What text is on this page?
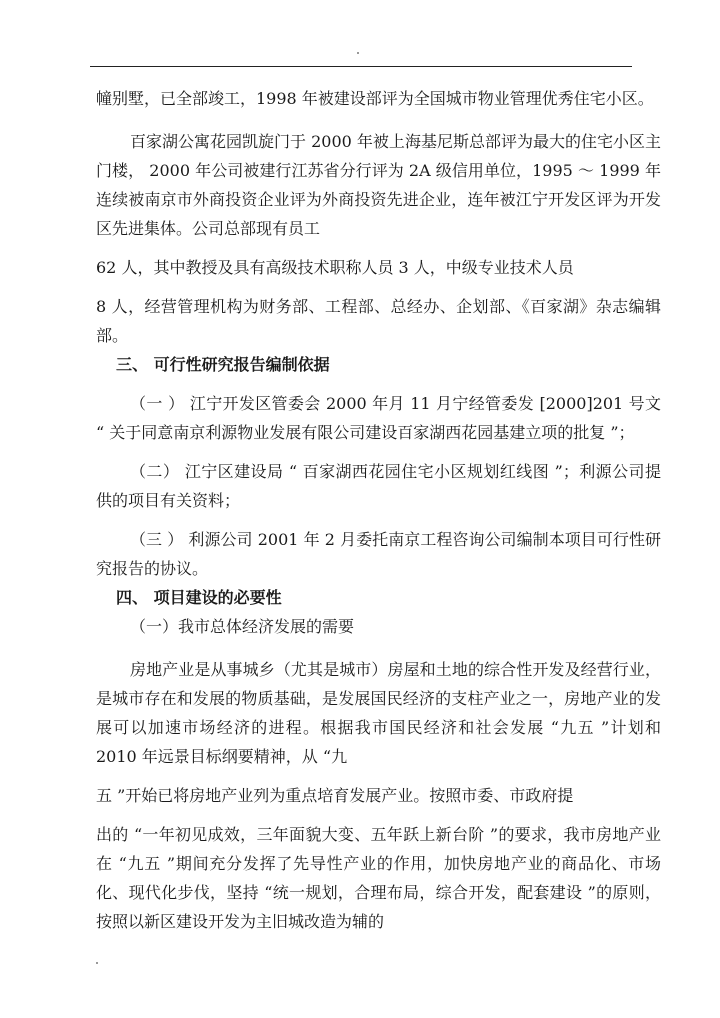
幢别墅，已全部竣工，1998 年被建设部评为全国城市物业管理优秀住宅小区。

百家湖公寓花园凯旋门于 2000 年被上海基尼斯总部评为最大的住宅小区主门楼， 2000 年公司被建行江苏省分行评为 2A 级信用单位，1995 ～ 1999 年连续被南京市外商投资企业评为外商投资先进企业，连年被江宁开发区评为开发区先进集体。公司总部现有员工

62 人，其中教授及具有高级技术职称人员 3 人，中级专业技术人员

8 人，经营管理机构为财务部、工程部、总经办、企划部、《百家湖》杂志编辑部。

三、 可行性研究报告编制依据

（一 ） 江宁开发区管委会 2000 年月 11 月宁经管委发 [2000]201 号文 “ 关于同意南京利源物业发展有限公司建设百家湖西花园基建立项的批复 ”；

（二） 江宁区建设局 “ 百家湖西花园住宅小区规划红线图 ”；利源公司提供的项目有关资料；

（三 ） 利源公司 2001 年 2 月委托南京工程咨询公司编制本项目可行性研究报告的协议。

四、 项目建设的必要性

（一）我市总体经济发展的需要

房地产业是从事城乡（尤其是城市）房屋和土地的综合性开发及经营行业，是城市存在和发展的物质基础，是发展国民经济的支柱产业之一，房地产业的发展可以加速市场经济的进程。根据我市国民经济和社会发展 “九五 ”计划和 2010 年远景目标纲要精神，从 “九

五 ”开始已将房地产业列为重点培育发展产业。按照市委、市政府提

出的 “一年初见成效，三年面貌大变、五年跃上新台阶 ”的要求，我市房地产业在 “九五 ”期间充分发挥了先导性产业的作用，加快房地产业的商品化、市场化、现代化步伐，坚持 “统一规划，合理布局，综合开发，配套建设 ”的原则，按照以新区建设开发为主旧城改造为辅的
